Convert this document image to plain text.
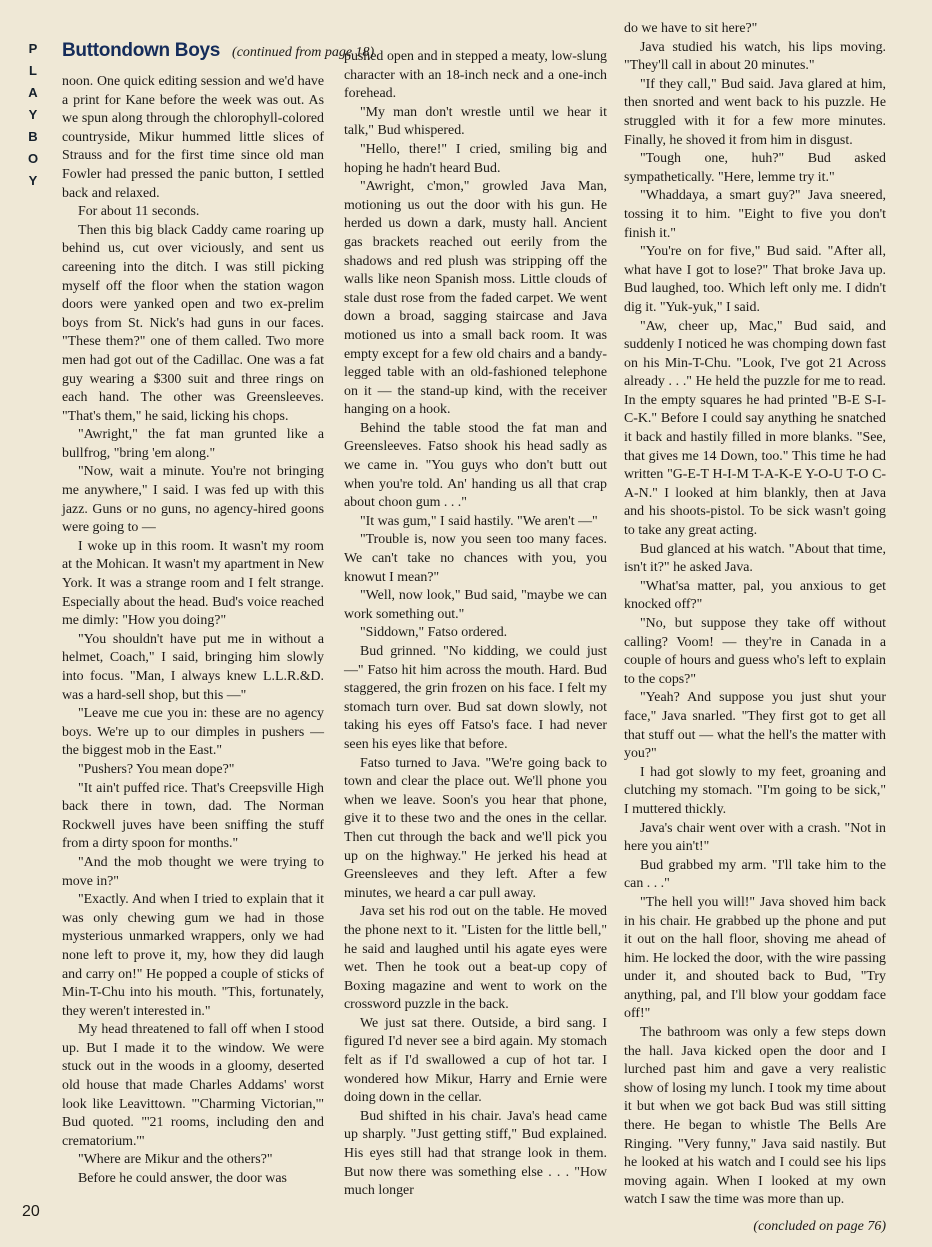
P
L
A
Y
B
O
Y
Buttondown Boys (continued from page 18)

noon. One quick editing session and we'd have a print for Kane before the week was out. As we spun along through the chlorophyll-colored countryside, Mikur hummed little slices of Strauss and for the first time since old man Fowler had pressed the panic button, I settled back and relaxed.

For about 11 seconds.

Then this big black Caddy came roaring up behind us, cut over viciously, and sent us careening into the ditch. I was still picking myself off the floor when the station wagon doors were yanked open and two ex-prelim boys from St. Nick's had guns in our faces. "These them?" one of them called. Two more men had got out of the Cadillac. One was a fat guy wearing a $300 suit and three rings on each hand. The other was Greensleeves. "That's them," he said, licking his chops.

"Awright," the fat man grunted like a bullfrog, "bring 'em along."

"Now, wait a minute. You're not bringing me anywhere," I said. I was fed up with this jazz. Guns or no guns, no agency-hired goons were going to —

I woke up in this room. It wasn't my room at the Mohican. It wasn't my apartment in New York. It was a strange room and I felt strange. Especially about the head. Bud's voice reached me dimly: "How you doing?"

"You shouldn't have put me in without a helmet, Coach," I said, bringing him slowly into focus. "Man, I always knew L.L.R.&D. was a hard-sell shop, but this —"

"Leave me cue you in: these are no agency boys. We're up to our dimples in pushers — the biggest mob in the East."

"Pushers? You mean dope?"

"It ain't puffed rice. That's Creepsville High back there in town, dad. The Norman Rockwell juves have been sniffing the stuff from a dirty spoon for months."

"And the mob thought we were trying to move in?"

"Exactly. And when I tried to explain that it was only chewing gum we had in those mysterious unmarked wrappers, only we had none left to prove it, my, how they did laugh and carry on!" He popped a couple of sticks of Min-T-Chu into his mouth. "This, fortunately, they weren't interested in."

My head threatened to fall off when I stood up. But I made it to the window. We were stuck out in the woods in a gloomy, deserted old house that made Charles Addams' worst look like Leavittown. "'Charming Victorian,'" Bud quoted. "'21 rooms, including den and crematorium.'"

"Where are Mikur and the others?"

Before he could answer, the door was

pushed open and in stepped a meaty, low-slung character with an 18-inch neck and a one-inch forehead.

"My man don't wrestle until we hear it talk," Bud whispered.

"Hello, there!" I cried, smiling big and hoping he hadn't heard Bud.

"Awright, c'mon," growled Java Man, motioning us out the door with his gun. He herded us down a dark, musty hall. Ancient gas brackets reached out eerily from the shadows and red plush was stripping off the walls like neon Spanish moss. Little clouds of stale dust rose from the faded carpet. We went down a broad, sagging staircase and Java motioned us into a small back room. It was empty except for a few old chairs and a bandy-legged table with an old-fashioned telephone on it — the stand-up kind, with the receiver hanging on a hook.

Behind the table stood the fat man and Greensleeves. Fatso shook his head sadly as we came in. "You guys who don't butt out when you're told. An' handing us all that crap about choon gum . . ."

"It was gum," I said hastily. "We aren't —"

"Trouble is, now you seen too many faces. We can't take no chances with you, you knowut I mean?"

"Well, now look," Bud said, "maybe we can work something out."

"Siddown," Fatso ordered.

Bud grinned. "No kidding, we could just —" Fatso hit him across the mouth. Hard. Bud staggered, the grin frozen on his face. I felt my stomach turn over. Bud sat down slowly, not taking his eyes off Fatso's face. I had never seen his eyes like that before.

Fatso turned to Java. "We're going back to town and clear the place out. We'll phone you when we leave. Soon's you hear that phone, give it to these two and the ones in the cellar. Then cut through the back and we'll pick you up on the highway." He jerked his head at Greensleeves and they left. After a few minutes, we heard a car pull away.

Java set his rod out on the table. He moved the phone next to it. "Listen for the little bell," he said and laughed until his agate eyes were wet. Then he took out a beat-up copy of Boxing magazine and went to work on the crossword puzzle in the back.

We just sat there. Outside, a bird sang. I figured I'd never see a bird again. My stomach felt as if I'd swallowed a cup of hot tar. I wondered how Mikur, Harry and Ernie were doing down in the cellar.

Bud shifted in his chair. Java's head came up sharply. "Just getting stiff," Bud explained. His eyes still had that strange look in them. But now there was something else . . . "How much longer

do we have to sit here?"

Java studied his watch, his lips moving. "They'll call in about 20 minutes."

"If they call," Bud said. Java glared at him, then snorted and went back to his puzzle. He struggled with it for a few more minutes. Finally, he shoved it from him in disgust.

"Tough one, huh?" Bud asked sympathetically. "Here, lemme try it."

"Whaddaya, a smart guy?" Java sneered, tossing it to him. "Eight to five you don't finish it."

"You're on for five," Bud said. "After all, what have I got to lose?" That broke Java up. Bud laughed, too. Which left only me. I didn't dig it. "Yuk-yuk," I said.

"Aw, cheer up, Mac," Bud said, and suddenly I noticed he was chomping down fast on his Min-T-Chu. "Look, I've got 21 Across already . . ." He held the puzzle for me to read. In the empty squares he had printed "B-E S-I-C-K." Before I could say anything he snatched it back and hastily filled in more blanks. "See, that gives me 14 Down, too." This time he had written "G-E-T H-I-M T-A-K-E Y-O-U T-O C-A-N." I looked at him blankly, then at Java and his shoots-pistol. To be sick wasn't going to take any great acting.

Bud glanced at his watch. "About that time, isn't it?" he asked Java.

"What'sa matter, pal, you anxious to get knocked off?"

"No, but suppose they take off without calling? Voom! — they're in Canada in a couple of hours and guess who's left to explain to the cops?"

"Yeah? And suppose you just shut your face," Java snarled. "They first got to get all that stuff out — what the hell's the matter with you?"

I had got slowly to my feet, groaning and clutching my stomach. "I'm going to be sick," I muttered thickly.

Java's chair went over with a crash. "Not in here you ain't!"

Bud grabbed my arm. "I'll take him to the can . . ."

"The hell you will!" Java shoved him back in his chair. He grabbed up the phone and put it out on the hall floor, shoving me ahead of him. He locked the door, with the wire passing under it, and shouted back to Bud, "Try anything, pal, and I'll blow your goddam face off!"

The bathroom was only a few steps down the hall. Java kicked open the door and I lurched past him and gave a very realistic show of losing my lunch. I took my time about it but when we got back Bud was still sitting there. He began to whistle The Bells Are Ringing. "Very funny," Java said nastily. But he looked at his watch and I could see his lips moving again. When I looked at my own watch I saw the time was more than up.

(concluded on page 76)
20
